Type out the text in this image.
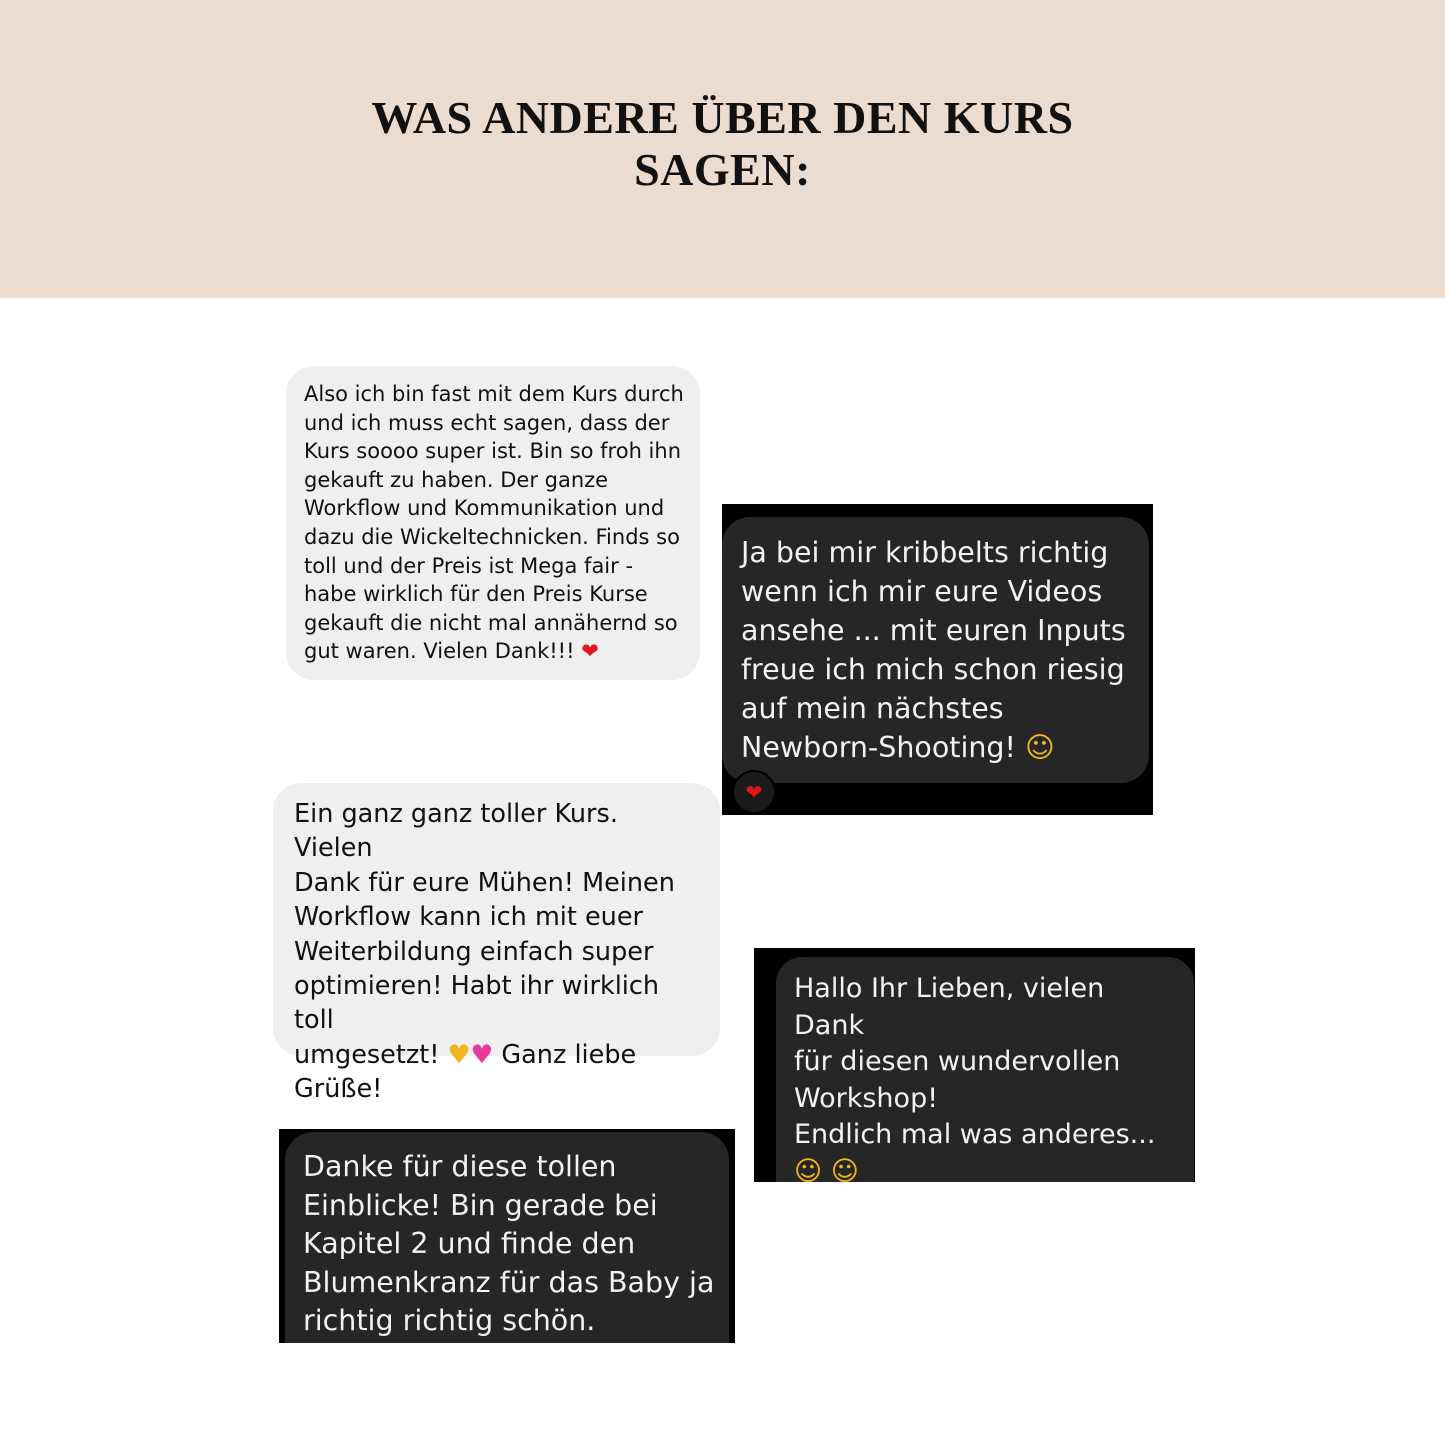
WAS ANDERE ÜBER DEN KURS
SAGEN:
Also ich bin fast mit dem Kurs durch
und ich muss echt sagen, dass der
Kurs soooo super ist. Bin so froh ihn
gekauft zu haben. Der ganze
Workflow und Kommunikation und
dazu die Wickeltechnicken. Finds so
toll und der Preis ist Mega fair -
habe wirklich für den Preis Kurse
gekauft die nicht mal annähernd so
gut waren. Vielen Dank!!! ❤
Ja bei mir kribbelts richtig
wenn ich mir eure Videos
ansehe ... mit euren Inputs
freue ich mich schon riesig
auf mein nächstes
Newborn-Shooting! ☺
❤
Ein ganz ganz toller Kurs. Vielen
Dank für eure Mühen! Meinen
Workflow kann ich mit euer
Weiterbildung einfach super
optimieren! Habt ihr wirklich toll
umgesetzt! ♥♥ Ganz liebe
Grüße!
Hallo Ihr Lieben, vielen Dank
für diesen wundervollen
Workshop!
Endlich mal was anderes...
☺ ☺
Danke für diese tollen
Einblicke! Bin gerade bei
Kapitel 2 und finde den
Blumenkranz für das Baby ja
richtig richtig schön.
